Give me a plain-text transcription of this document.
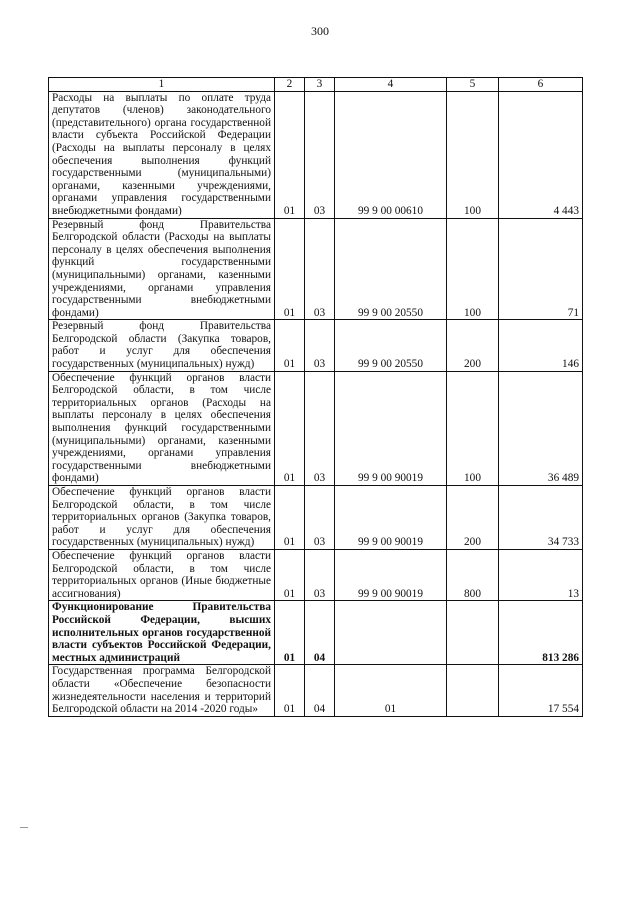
300
1	2	3	4	5	6
Расходы на выплаты по оплате труда депутатов (членов) законодательного (представительного) органа государственной власти субъекта Российской Федерации (Расходы на выплаты персоналу в целях обеспечения выполнения функций государственными (муниципальными) органами, казенными учреждениями, органами управления государственными внебюджетными фондами)	01	03	99 9 00 00610	100	4 443
Резервный фонд Правительства Белгородской области (Расходы на выплаты персоналу в целях обеспечения выполнения функций государственными (муниципальными) органами, казенными учреждениями, органами управления государственными внебюджетными фондами)	01	03	99 9 00 20550	100	71
Резервный фонд Правительства Белгородской области (Закупка товаров, работ и услуг для обеспечения государственных (муниципальных) нужд)	01	03	99 9 00 20550	200	146
Обеспечение функций органов власти Белгородской области, в том числе территориальных органов (Расходы на выплаты персоналу в целях обеспечения выполнения функций государственными (муниципальными) органами, казенными учреждениями, органами управления государственными внебюджетными фондами)	01	03	99 9 00 90019	100	36 489
Обеспечение функций органов власти Белгородской области, в том числе территориальных органов (Закупка товаров, работ и услуг для обеспечения государственных (муниципальных) нужд)	01	03	99 9 00 90019	200	34 733
Обеспечение функций органов власти Белгородской области, в том числе территориальных органов (Иные бюджетные ассигнования)	01	03	99 9 00 90019	800	13
Функционирование Правительства Российской Федерации, высших исполнительных органов государственной власти субъектов Российской Федерации, местных администраций	01	04			813 286
Государственная программа Белгородской области «Обеспечение безопасности жизнедеятельности населения и территорий Белгородской области на 2014 -2020 годы»	01	04	01		17 554
